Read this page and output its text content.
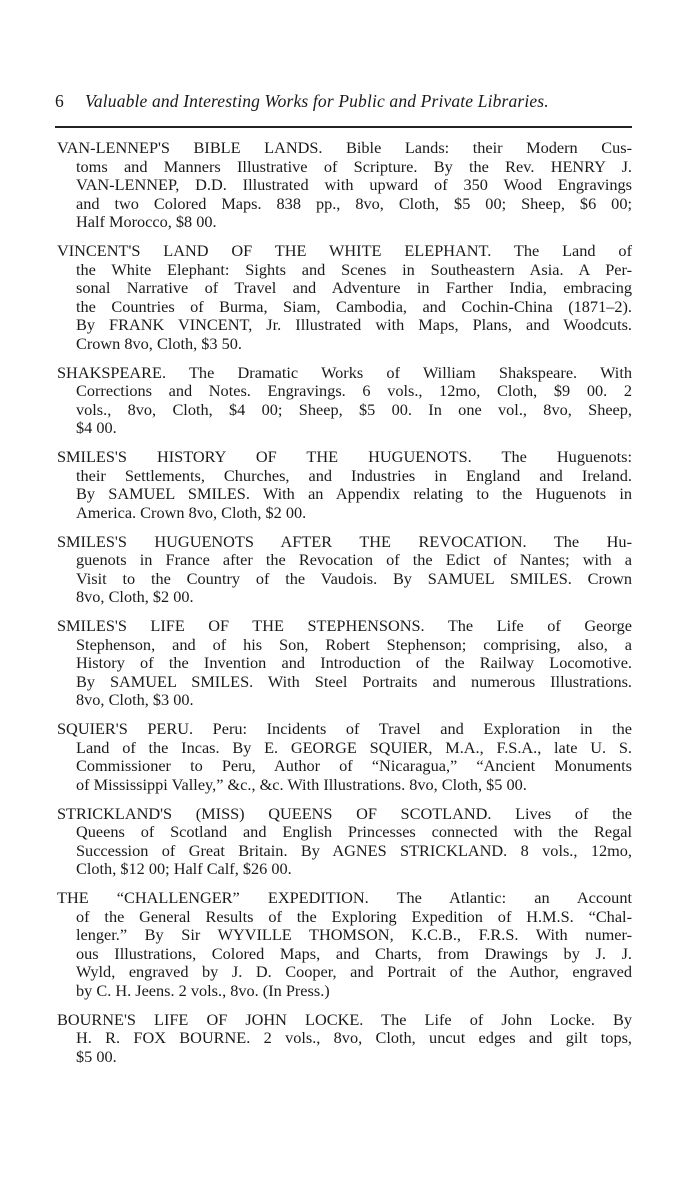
6 Valuable and Interesting Works for Public and Private Libraries.
VAN-LENNEP'S BIBLE LANDS. Bible Lands: their Modern Cus-
toms and Manners Illustrative of Scripture. By the Rev. HENRY J.
VAN-LENNEP, D.D. Illustrated with upward of 350 Wood Engravings
and two Colored Maps. 838 pp., 8vo, Cloth, $5 00; Sheep, $6 00;
Half Morocco, $8 00.
VINCENT'S LAND OF THE WHITE ELEPHANT. The Land of
the White Elephant: Sights and Scenes in Southeastern Asia. A Per-
sonal Narrative of Travel and Adventure in Farther India, embracing
the Countries of Burma, Siam, Cambodia, and Cochin-China (1871–2).
By FRANK VINCENT, Jr. Illustrated with Maps, Plans, and Woodcuts.
Crown 8vo, Cloth, $3 50.
SHAKSPEARE. The Dramatic Works of William Shakspeare. With
Corrections and Notes. Engravings. 6 vols., 12mo, Cloth, $9 00. 2
vols., 8vo, Cloth, $4 00; Sheep, $5 00. In one vol., 8vo, Sheep,
$4 00.
SMILES'S HISTORY OF THE HUGUENOTS. The Huguenots:
their Settlements, Churches, and Industries in England and Ireland.
By SAMUEL SMILES. With an Appendix relating to the Huguenots in
America. Crown 8vo, Cloth, $2 00.
SMILES'S HUGUENOTS AFTER THE REVOCATION. The Hu-
guenots in France after the Revocation of the Edict of Nantes; with a
Visit to the Country of the Vaudois. By SAMUEL SMILES. Crown
8vo, Cloth, $2 00.
SMILES'S LIFE OF THE STEPHENSONS. The Life of George
Stephenson, and of his Son, Robert Stephenson; comprising, also, a
History of the Invention and Introduction of the Railway Locomotive.
By SAMUEL SMILES. With Steel Portraits and numerous Illustrations.
8vo, Cloth, $3 00.
SQUIER'S PERU. Peru: Incidents of Travel and Exploration in the
Land of the Incas. By E. GEORGE SQUIER, M.A., F.S.A., late U. S.
Commissioner to Peru, Author of “Nicaragua,” “Ancient Monuments
of Mississippi Valley,” &c., &c. With Illustrations. 8vo, Cloth, $5 00.
STRICKLAND'S (MISS) QUEENS OF SCOTLAND. Lives of the
Queens of Scotland and English Princesses connected with the Regal
Succession of Great Britain. By AGNES STRICKLAND. 8 vols., 12mo,
Cloth, $12 00; Half Calf, $26 00.
THE “CHALLENGER” EXPEDITION. The Atlantic: an Account
of the General Results of the Exploring Expedition of H.M.S. “Chal-
lenger.” By Sir WYVILLE THOMSON, K.C.B., F.R.S. With numer-
ous Illustrations, Colored Maps, and Charts, from Drawings by J. J.
Wyld, engraved by J. D. Cooper, and Portrait of the Author, engraved
by C. H. Jeens. 2 vols., 8vo. (In Press.)
BOURNE'S LIFE OF JOHN LOCKE. The Life of John Locke. By
H. R. FOX BOURNE. 2 vols., 8vo, Cloth, uncut edges and gilt tops,
$5 00.
